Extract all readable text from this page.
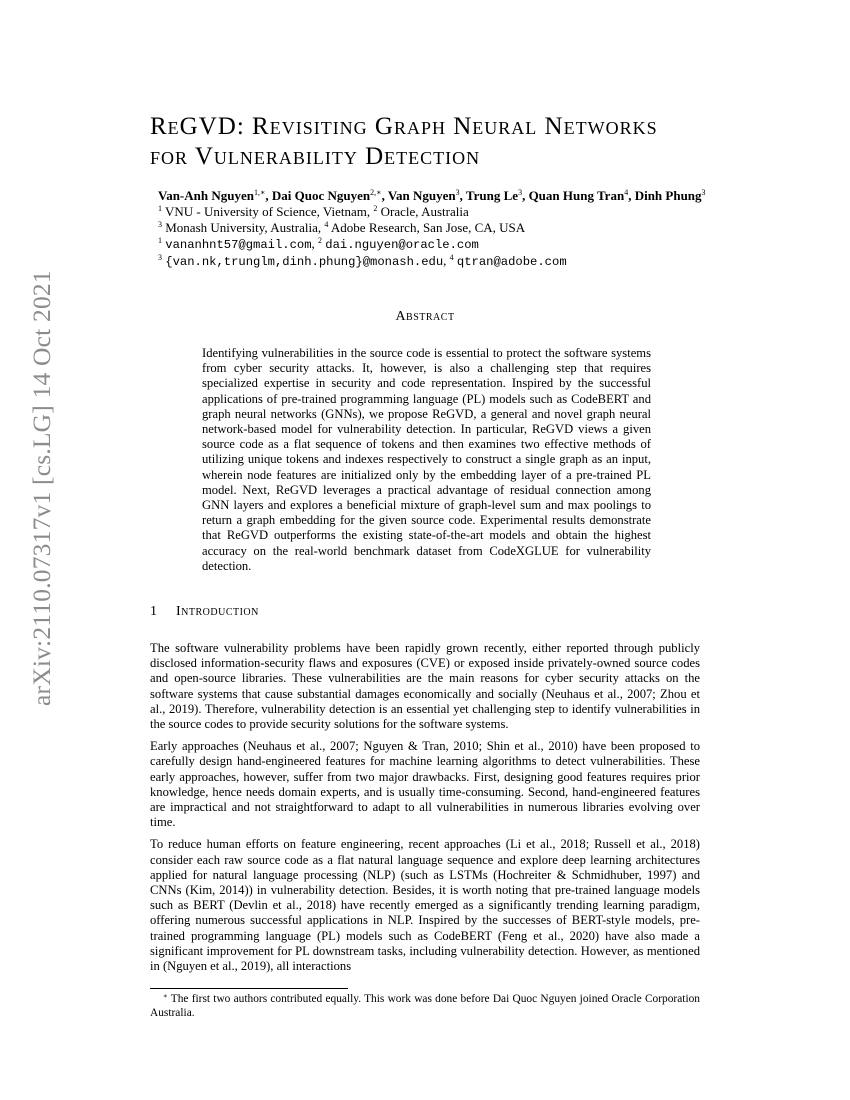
arXiv:2110.07317v1 [cs.LG] 14 Oct 2021
ReGVD: Revisiting Graph Neural Networks
for Vulnerability Detection
Van-Anh Nguyen$^{1,∗}$, Dai Quoc Nguyen$^{2,∗}$, Van Nguyen$^3$, Trung Le$^3$, Quan Hung Tran$^4$, Dinh Phung$^3$
$^1$ VNU - University of Science, Vietnam, $^2$ Oracle, Australia
$^3$ Monash University, Australia, $^4$ Adobe Research, San Jose, CA, USA
$^1$ vananhnt57@gmail.com, $^2$ dai.nguyen@oracle.com
$^3$ {van.nk,trunglm,dinh.phung}@monash.edu, $^4$ qtran@adobe.com
Abstract
Identifying vulnerabilities in the source code is essential to protect the software systems from cyber security attacks. It, however, is also a challenging step that requires specialized expertise in security and code representation. Inspired by the successful applications of pre-trained programming language (PL) models such as CodeBERT and graph neural networks (GNNs), we propose ReGVD, a general and novel graph neural network-based model for vulnerability detection. In particular, ReGVD views a given source code as a flat sequence of tokens and then examines two effective methods of utilizing unique tokens and indexes respectively to construct a single graph as an input, wherein node features are initialized only by the embedding layer of a pre-trained PL model. Next, ReGVD leverages a practical advantage of residual connection among GNN layers and explores a beneficial mixture of graph-level sum and max poolings to return a graph embedding for the given source code. Experimental results demonstrate that ReGVD outperforms the existing state-of-the-art models and obtain the highest accuracy on the real-world benchmark dataset from CodeXGLUE for vulnerability detection.
1 Introduction

The software vulnerability problems have been rapidly grown recently, either reported through publicly disclosed information-security flaws and exposures (CVE) or exposed inside privately-owned source codes and open-source libraries. These vulnerabilities are the main reasons for cyber security attacks on the software systems that cause substantial damages economically and socially (Neuhaus et al., 2007; Zhou et al., 2019). Therefore, vulnerability detection is an essential yet challenging step to identify vulnerabilities in the source codes to provide security solutions for the software systems.

Early approaches (Neuhaus et al., 2007; Nguyen & Tran, 2010; Shin et al., 2010) have been proposed to carefully design hand-engineered features for machine learning algorithms to detect vulnerabilities. These early approaches, however, suffer from two major drawbacks. First, designing good features requires prior knowledge, hence needs domain experts, and is usually time-consuming. Second, hand-engineered features are impractical and not straightforward to adapt to all vulnerabilities in numerous libraries evolving over time.

To reduce human efforts on feature engineering, recent approaches (Li et al., 2018; Russell et al., 2018) consider each raw source code as a flat natural language sequence and explore deep learning architectures applied for natural language processing (NLP) (such as LSTMs (Hochreiter & Schmidhuber, 1997) and CNNs (Kim, 2014)) in vulnerability detection. Besides, it is worth noting that pre-trained language models such as BERT (Devlin et al., 2018) have recently emerged as a significantly trending learning paradigm, offering numerous successful applications in NLP. Inspired by the successes of BERT-style models, pre-trained programming language (PL) models such as CodeBERT (Feng et al., 2020) have also made a significant improvement for PL downstream tasks, including vulnerability detection. However, as mentioned in (Nguyen et al., 2019), all interactions

∗ The first two authors contributed equally. This work was done before Dai Quoc Nguyen joined Oracle Corporation Australia.
